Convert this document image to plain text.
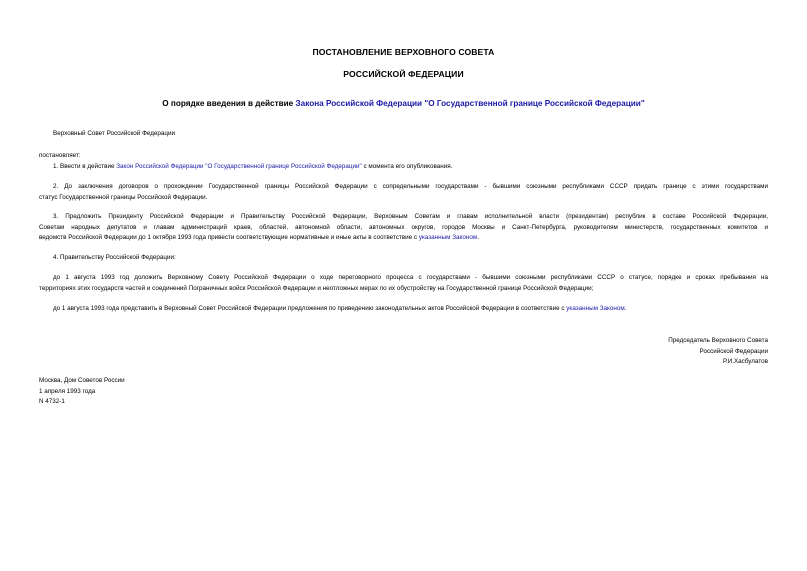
ПОСТАНОВЛЕНИЕ ВЕРХОВНОГО СОВЕТА
РОССИЙСКОЙ ФЕДЕРАЦИИ
О порядке введения в действие Закона Российской Федерации "О Государственной границе Российской Федерации"
Верховный Совет Российской Федерации
постановляет:
1. Ввести в действие Закон Российской Федерации "О Государственной границе Российской Федерации" с момента его опубликования.
2. До заключения договоров о прохождении Государственной границы Российской Федерации с сопредельными государствами - бывшими союзными республиками СССР придать границе с этими государствами
статус Государственной границы Российской Федерации.
3. Предложить Президенту Российской Федерации и Правительству Российской Федерации, Верховным Советам и главам исполнительной власти (президентам) республик в составе Российской Федерации,
Советам народных депутатов и главам администраций краев, областей, автономной области, автономных округов, городов Москвы и Санкт-Петербурга, руководителям министерств, государственных комитетов и
ведомств Российской Федерации до 1 октября 1993 года привести соответствующие нормативные и иные акты в соответствие с указанным Законом.
4. Правительству Российской Федерации:
до 1 августа 1993 год доложить Верховному Совету Российской Федерации о ходе переговорного процесса с государствами - бывшими союзными республиками СССР о статусе, порядке и сроках пребывания на
территориях этих государств частей и соединений Пограничных войск Российской Федерации и неотложных мерах по их обустройству на Государственной границе Российской Федерации;
до 1 августа 1993 года представить в Верховный Совет Российской Федерации предложения по приведению законодательных актов Российской Федерации в соответствие с указанным Законом.
Председатель Верховного Совета
Российской Федерации
Р.И.Хасбулатов
Москва, Дом Советов России
1 апреля 1993 года
N 4732-1
